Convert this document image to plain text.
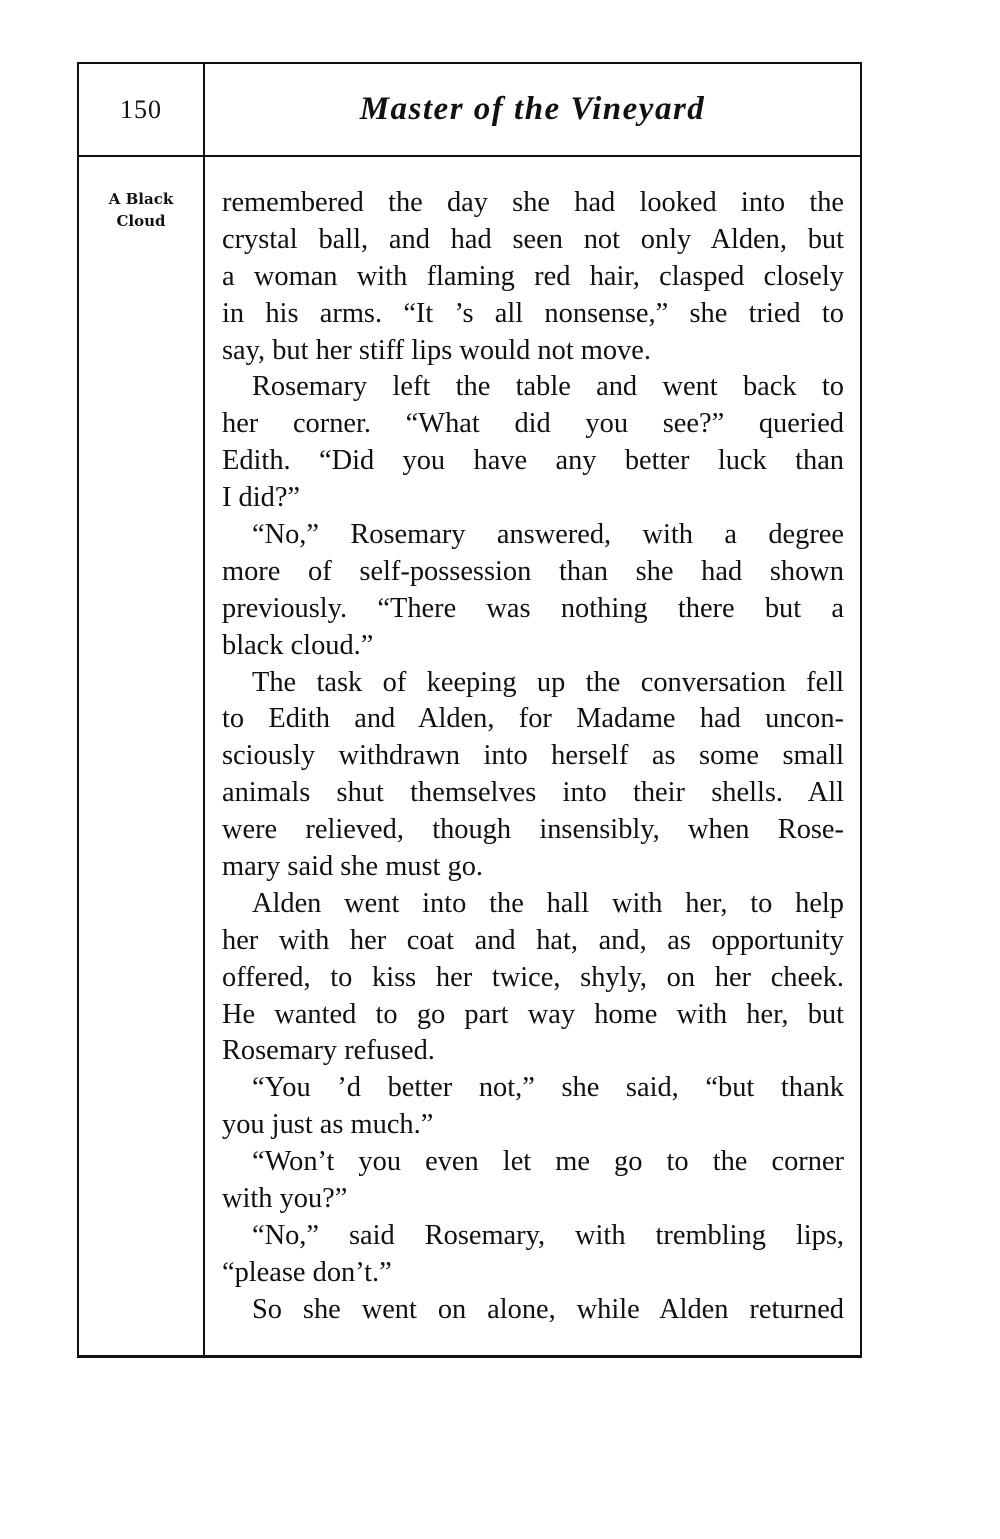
150	Master of the Vineyard
A Black
Cloud
remembered the day she had looked into the
crystal ball, and had seen not only Alden, but
a woman with flaming red hair, clasped closely
in his arms. “It ’s all nonsense,” she tried to
say, but her stiff lips would not move.
Rosemary left the table and went back to
her corner. “What did you see?” queried
Edith. “Did you have any better luck than
I did?”
“No,” Rosemary answered, with a degree
more of self-possession than she had shown
previously. “There was nothing there but a
black cloud.”
The task of keeping up the conversation fell
to Edith and Alden, for Madame had uncon-
sciously withdrawn into herself as some small
animals shut themselves into their shells. All
were relieved, though insensibly, when Rose-
mary said she must go.
Alden went into the hall with her, to help
her with her coat and hat, and, as opportunity
offered, to kiss her twice, shyly, on her cheek.
He wanted to go part way home with her, but
Rosemary refused.
“You ’d better not,” she said, “but thank
you just as much.”
“Won’t you even let me go to the corner
with you?”
“No,” said Rosemary, with trembling lips,
“please don’t.”
So she went on alone, while Alden returned
